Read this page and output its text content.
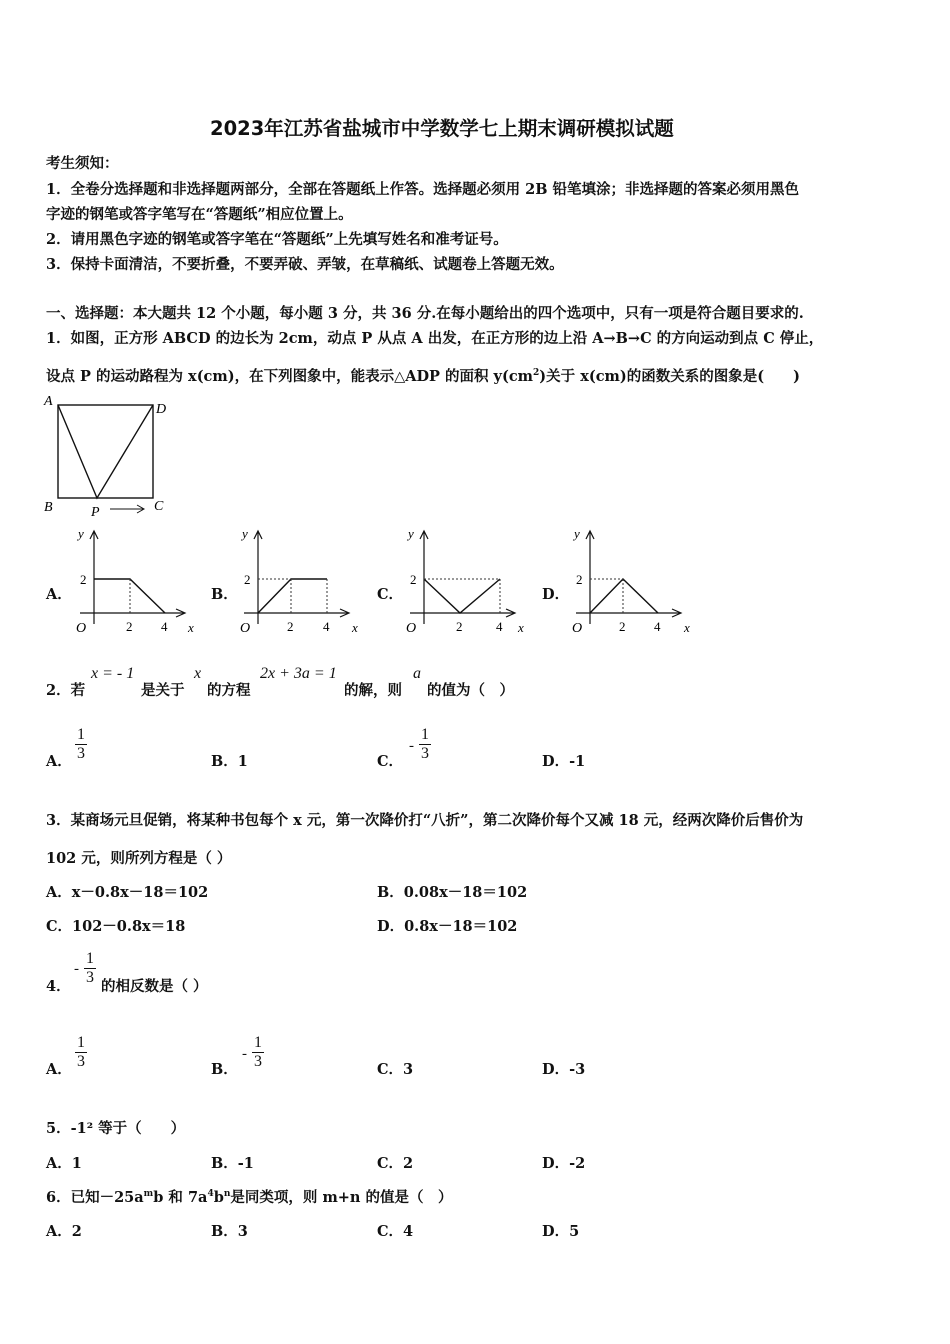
2023年江苏省盐城市中学数学七上期末调研模拟试题
考生须知：
1．全卷分选择题和非选择题两部分，全部在答题纸上作答。选择题必须用 2B 铅笔填涂；非选择题的答案必须用黑色
字迹的钢笔或答字笔写在“答题纸”相应位置上。
2．请用黑色字迹的钢笔或答字笔在“答题纸”上先填写姓名和准考证号。
3．保持卡面清洁，不要折叠，不要弄破、弄皱，在草稿纸、试题卷上答题无效。
一、选择题：本大题共 12 个小题，每小题 3 分，共 36 分.在每小题给出的四个选项中，只有一项是符合题目要求的.
1．如图，正方形 ABCD 的边长为 2cm，动点 P 从点 A 出发，在正方形的边上沿 A→B→C 的方向运动到点 C 停止，
设点 P 的运动路程为 x(cm)，在下列图象中，能表示△ADP 的面积 $y(cm^2)$关于 x(cm)的函数关系的图象是(　　)
A
D
B	C
P
A．
y
x
O
2
2 4
B．
y
x
O
2
2 4
C．
y
x
O
2
2	4
D．
y
x
O
2
2 4
2．若
x = - 1
是关于
x
的方程
2x + 3a = 1
的解，则
a
的值为（　）
A． $\frac{1}{3}$	B．1	C．
- $\frac{1}{3}$	D．-1
3．某商场元旦促销，将某种书包每个 x 元，第一次降价打“八折”，第二次降价每个又减 18 元，经两次降价后售价为
102 元，则所列方程是（ ）
A．x－0.8x－18＝102	B．0.08x－18＝102
C．102－0.8x＝18	D．0.8x－18＝102
4．
- $\frac{1}{3}$ 的相反数是（ ）
A． $\frac{1}{3}$	B．
- $\frac{1}{3}$	C．3	D．-3
5．-1² 等于（　　）
A．1	B．-1	C．2	D．-2
6．已知$-25a^mb$ 和 $7a^4b^n$是同类项，则 m+n 的值是（　）
A．2	B．3	C．4	D．5
